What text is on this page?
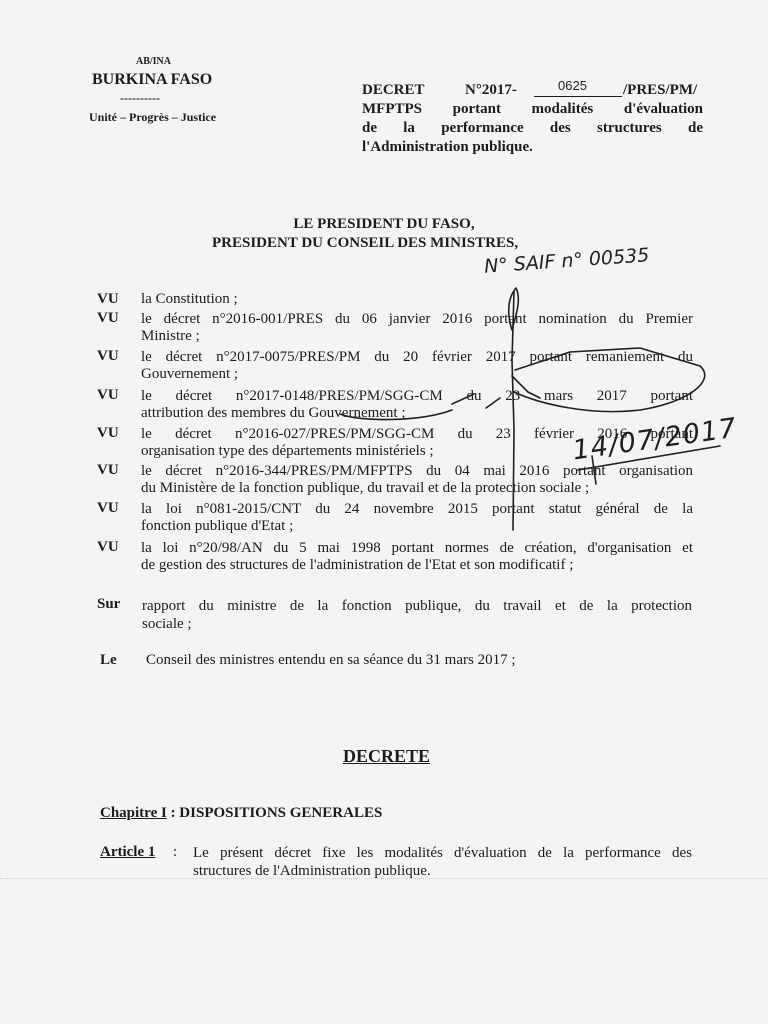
AB/INA
BURKINA FASO
----------
Unité – Progrès – Justice
DECRET	N°2017-	0625 /PRES/PM/
MFPTPS portant modalités d'évaluation
de la performance des structures de
l'Administration publique.
LE PRESIDENT DU FASO,
PRESIDENT DU CONSEIL DES MINISTRES,
N° SAIF n° 00535
VU	la Constitution ;
VU	le décret n°2016-001/PRES du 06 janvier 2016 portant nomination du Premier
Ministre ;
VU	le décret n°2017-0075/PRES/PM du 20 février 2017 portant remaniement du
Gouvernement ;
VU	le décret n°2017-0148/PRES/PM/SGG-CM du 23 mars 2017 portant
attribution des membres du Gouvernement ;
VU	le décret n°2016-027/PRES/PM/SGG-CM du 23 février 2016 portant
organisation type des départements ministériels ;
VU	le décret n°2016-344/PRES/PM/MFPTPS du 04 mai 2016 portant organisation
du Ministère de la fonction publique, du travail et de la protection sociale ;
VU	la loi n°081-2015/CNT du 24 novembre 2015 portant statut général de la
fonction publique d'Etat ;
VU	la loi n°20/98/AN du 5 mai 1998 portant normes de création, d'organisation et
de gestion des structures de l'administration de l'Etat et son modificatif ;
Sur rapport du ministre de la fonction publique, du travail et de la protection
sociale ;
Le Conseil des ministres entendu en sa séance du 31 mars 2017 ;
DECRETE
Chapitre I : DISPOSITIONS GENERALES
Article 1 : Le présent décret fixe les modalités d'évaluation de la performance des
structures de l'Administration publique.
14/07/2017
